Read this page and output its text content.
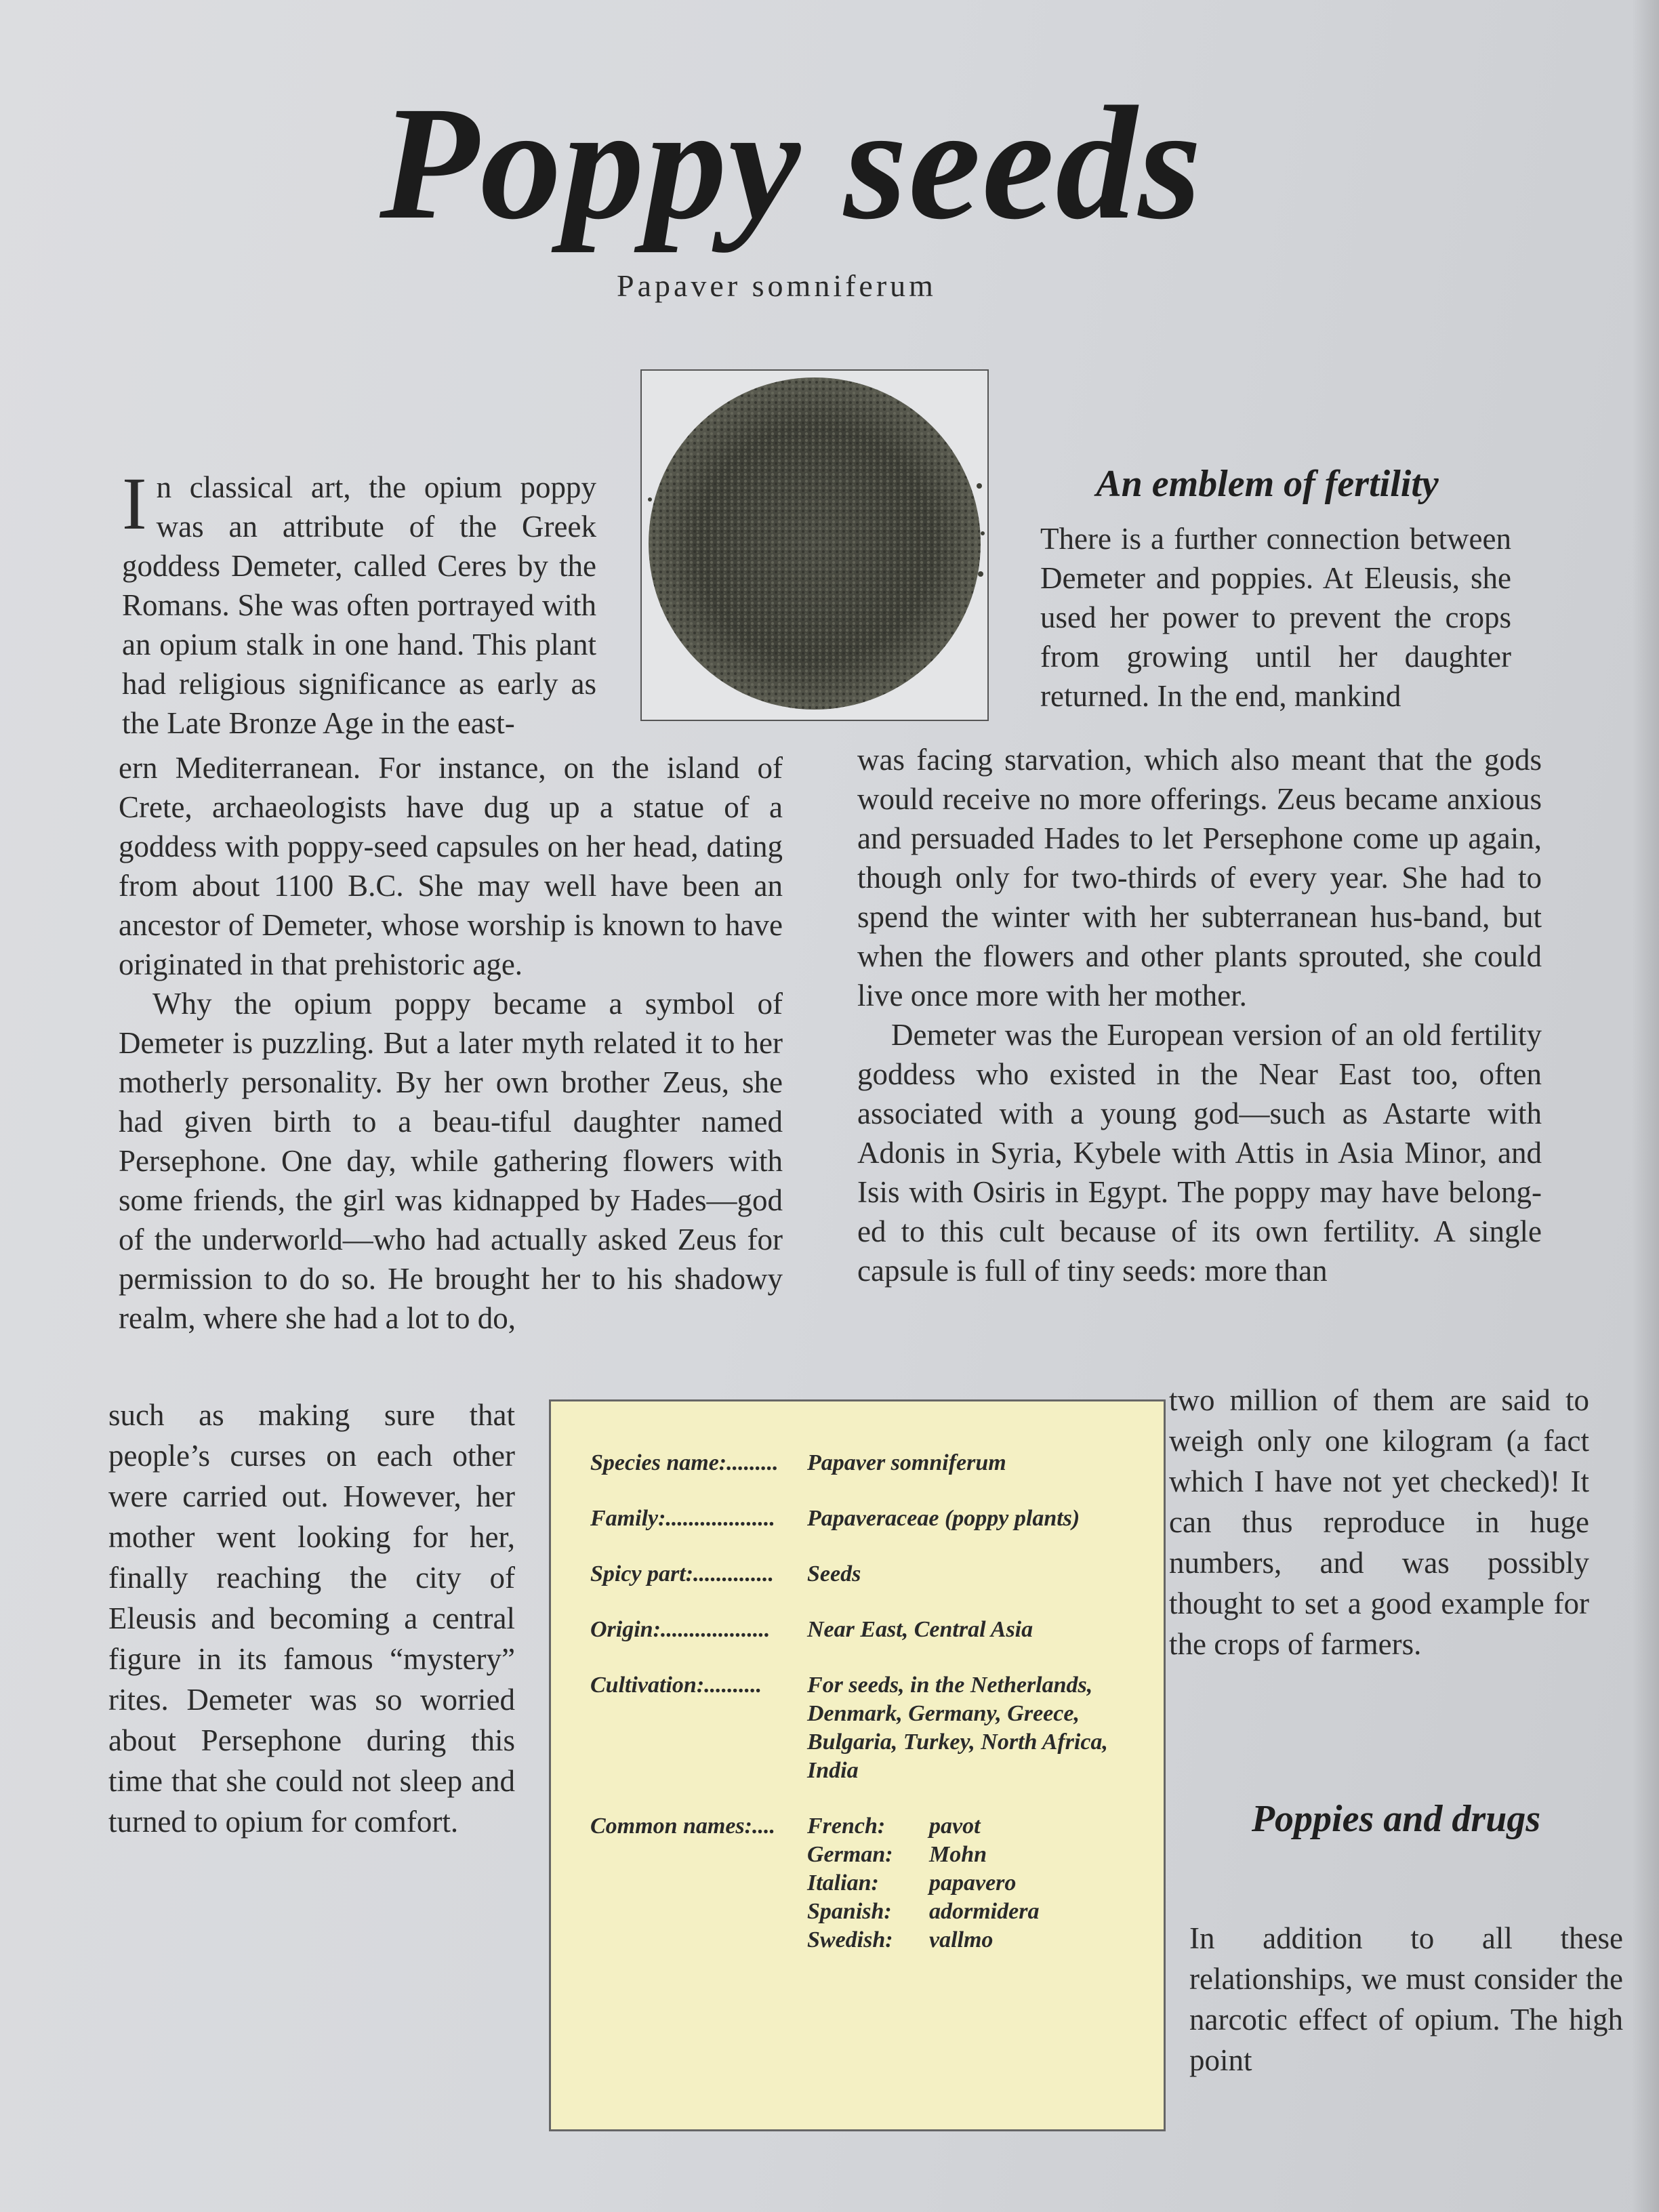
Poppy seeds
Papaver somniferum

In classical art, the opium poppy was an attribute of the Greek goddess Demeter, called Ceres by the Romans. She was often portrayed with an opium stalk in one hand. This plant had religious significance as early as the Late Bronze Age in the east-

ern Mediterranean. For instance, on the island of Crete, archaeologists have dug up a statue of a goddess with poppy-seed capsules on her head, dating from about 1100 B.C. She may well have been an ancestor of Demeter, whose worship is known to have originated in that prehistoric age.

Why the opium poppy became a symbol of Demeter is puzzling. But a later myth related it to her motherly personality. By her own brother Zeus, she had given birth to a beau-tiful daughter named Persephone. One day, while gathering flowers with some friends, the girl was kidnapped by Hades—god of the underworld—who had actually asked Zeus for permission to do so. He brought her to his shadowy realm, where she had a lot to do,

such as making sure that people’s curses on each other were carried out. However, her mother went looking for her, finally reaching the city of Eleusis and becoming a central figure in its famous “mystery” rites. Demeter was so worried about Persephone during this time that she could not sleep and turned to opium for comfort.

An emblem of fertility

There is a further connection between Demeter and poppies. At Eleusis, she used her power to prevent the crops from growing until her daughter returned. In the end, mankind

was facing starvation, which also meant that the gods would receive no more offerings. Zeus became anxious and persuaded Hades to let Persephone come up again, though only for two-thirds of every year. She had to spend the winter with her subterranean hus-band, but when the flowers and other plants sprouted, she could live once more with her mother.

Demeter was the European version of an old fertility goddess who existed in the Near East too, often associated with a young god—such as Astarte with Adonis in Syria, Kybele with Attis in Asia Minor, and Isis with Osiris in Egypt. The poppy may have belong-ed to this cult because of its own fertility. A single capsule is full of tiny seeds: more than

two million of them are said to weigh only one kilogram (a fact which I have not yet checked)! It can thus reproduce in huge numbers, and was possibly thought to set a good example for the crops of farmers.

Poppies and drugs

In addition to all these relationships, we must consider the narcotic effect of opium. The high point

Species name:.........	Papaver somniferum
Family:...................	Papaveraceae (poppy plants)
Spicy part:..............	Seeds
Origin:...................	Near East, Central Asia
Cultivation:..........	For seeds, in the Netherlands, Denmark, Germany, Greece, Bulgaria, Turkey, North Africa, India
Common names:....	French:	pavot
German:	Mohn
Italian:	papavero
Spanish:	adormidera
Swedish:	vallmo
